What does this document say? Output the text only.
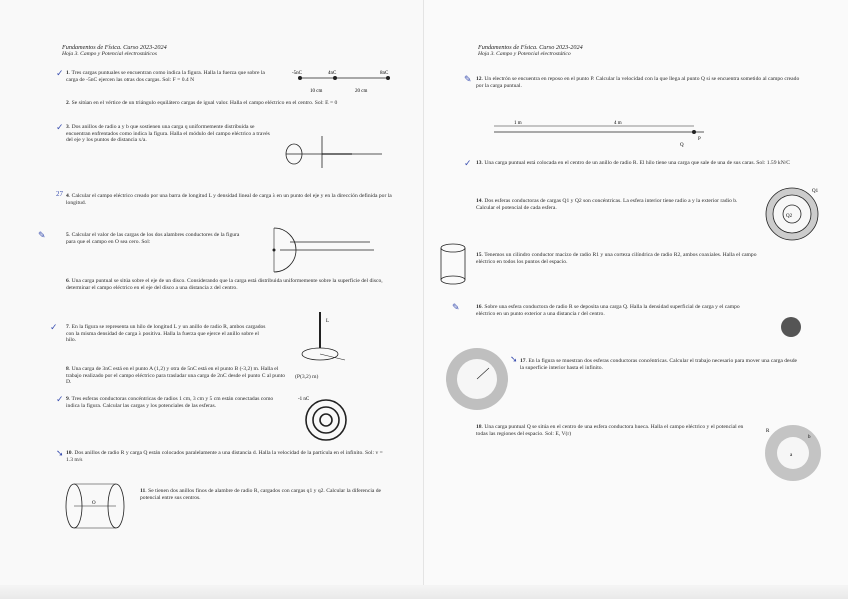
Fundamentos de Física. Curso 2023-2024
Hoja 3. Campo y Potencial electrostáticos
✓ 1. Tres cargas puntuales se encuentran como indica la figura. Halla la fuerza que sobre la carga de -5nC ejercen las otras dos cargas. Sol: F = 0.4 N
-5nC	4nC	8nC
10 cm	20 cm
2. Se sitúan en el vértice de un triángulo equilátero cargas de igual valor. Halla el campo eléctrico en el centro. Sol: E = 0
✓ 3. Dos anillos de radio a y b que sostienen una carga q uniformemente distribuida se encuentran enfrentados como indica la figura. Halla el módulo del campo eléctrico a través del eje y los puntos de distancia x/a.
27 4. Calcular el campo eléctrico creado por una barra de longitud L y densidad lineal de carga λ en un punto del eje y en la dirección definida por la longitud.
✎	5. Calcular el valor de las cargas de los dos alambres conductores de la figura para que el campo en O sea cero. Sol:
6. Una carga puntual se sitúa sobre el eje de un disco. Considerando que la carga está distribuida uniformemente sobre la superficie del disco, determinar el campo eléctrico en el eje del disco a una distancia z del centro.
✓ 7. En la figura se representa un hilo de longitud L y un anillo de radio R, ambos cargados con la misma densidad de carga λ positiva. Halla la fuerza que ejerce el anillo sobre el hilo.
L
8. Una carga de 3nC está en el punto A (1,2) y otra de 5nC está en el punto B (-3,2) m. Halla el trabajo realizado por el campo eléctrico para trasladar una carga de 2nC desde el punto C al punto D.
(P(3,2) m)
✓ 9. Tres esferas conductoras concéntricas de radios 1 cm, 3 cm y 5 cm están conectadas como indica la figura. Calcular las cargas y los potenciales de las esferas.
-1 nC
➘ 10. Dos anillos de radio R y carga Q están colocados paralelamente a una distancia d. Halla la velocidad de la partícula en el infinito. Sol: v = 1.3 m/s
O
11. Se tienen dos anillos finos de alambre de radio R, cargados con cargas q1 y q2. Calcular la diferencia de potencial entre sus centros.
Fundamentos de Física. Curso 2023-2024
Hoja 3. Campo y Potencial electrostático
✎ 12. Un electrón se encuentra en reposo en el punto P. Calcular la velocidad con la que llega al punto Q si se encuentra sometido al campo creado por la carga puntual.
1 m	4 m
P
Q
✓ 13. Una carga puntual está colocada en el centro de un anillo de radio R. El hilo tiene una carga que sale de una de sus caras. Sol: 1.59 kN/C
14. Dos esferas conductoras de cargas Q1 y Q2 son concéntricas. La esfera interior tiene radio a y la exterior radio b. Calcular el potencial de cada esfera.
Q1
Q2
15. Tenemos un cilindro conductor macizo de radio R1 y una corteza cilíndrica de radio R2, ambos coaxiales. Halla el campo eléctrico en todos los puntos del espacio.
✎	16. Sobre una esfera conductora de radio R se deposita una carga Q. Halla la densidad superficial de carga y el campo eléctrico en un punto exterior a una distancia r del centro.
➘ 17. En la figura se muestran dos esferas conductoras concéntricas. Calcular el trabajo necesario para mover una carga desde la superficie interior hasta el infinito.
18. Una carga puntual Q se sitúa en el centro de una esfera conductora hueca. Halla el campo eléctrico y el potencial en todas las regiones del espacio. Sol: E, V(r)
a
b
R
